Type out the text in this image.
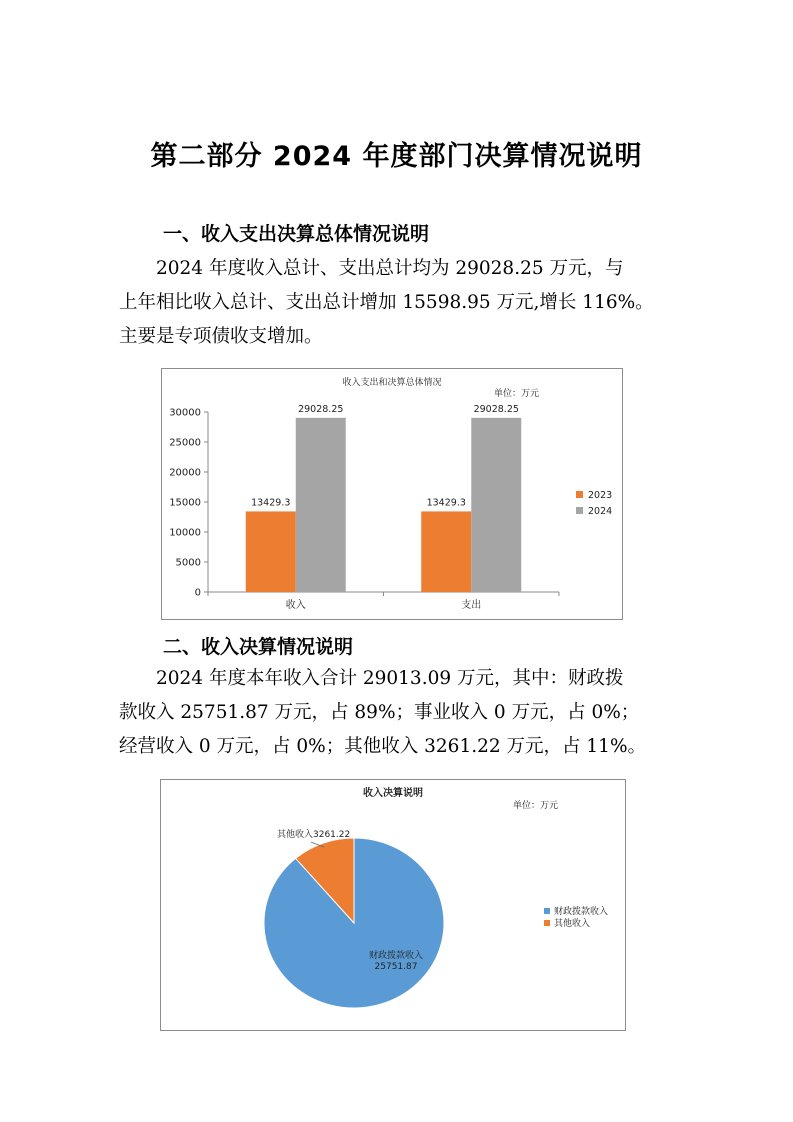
第二部分 2024 年度部门决算情况说明
一、收入支出决算总体情况说明
2024 年度收入总计、支出总计均为 29028.25 万元，与
上年相比收入总计、支出总计增加 15598.95 万元,增长 116%。
主要是专项债收支增加。
收入支出和决算总体情况
单位：万元
0
5000
10000
15000
20000
25000
30000
收入	支出
13429.3
29028.25
13429.3
29028.25
2023
2024
二、收入决算情况说明
2024 年度本年收入合计 29013.09 万元，其中：财政拨
款收入 25751.87 万元，占 89%；事业收入 0 万元，占 0%；
经营收入 0 万元，占 0%；其他收入 3261.22 万元，占 11%。
收入决算说明
单位：万元
财政拨款收入
25751.87
其他收入3261.22
财政拨款收入
其他收入
